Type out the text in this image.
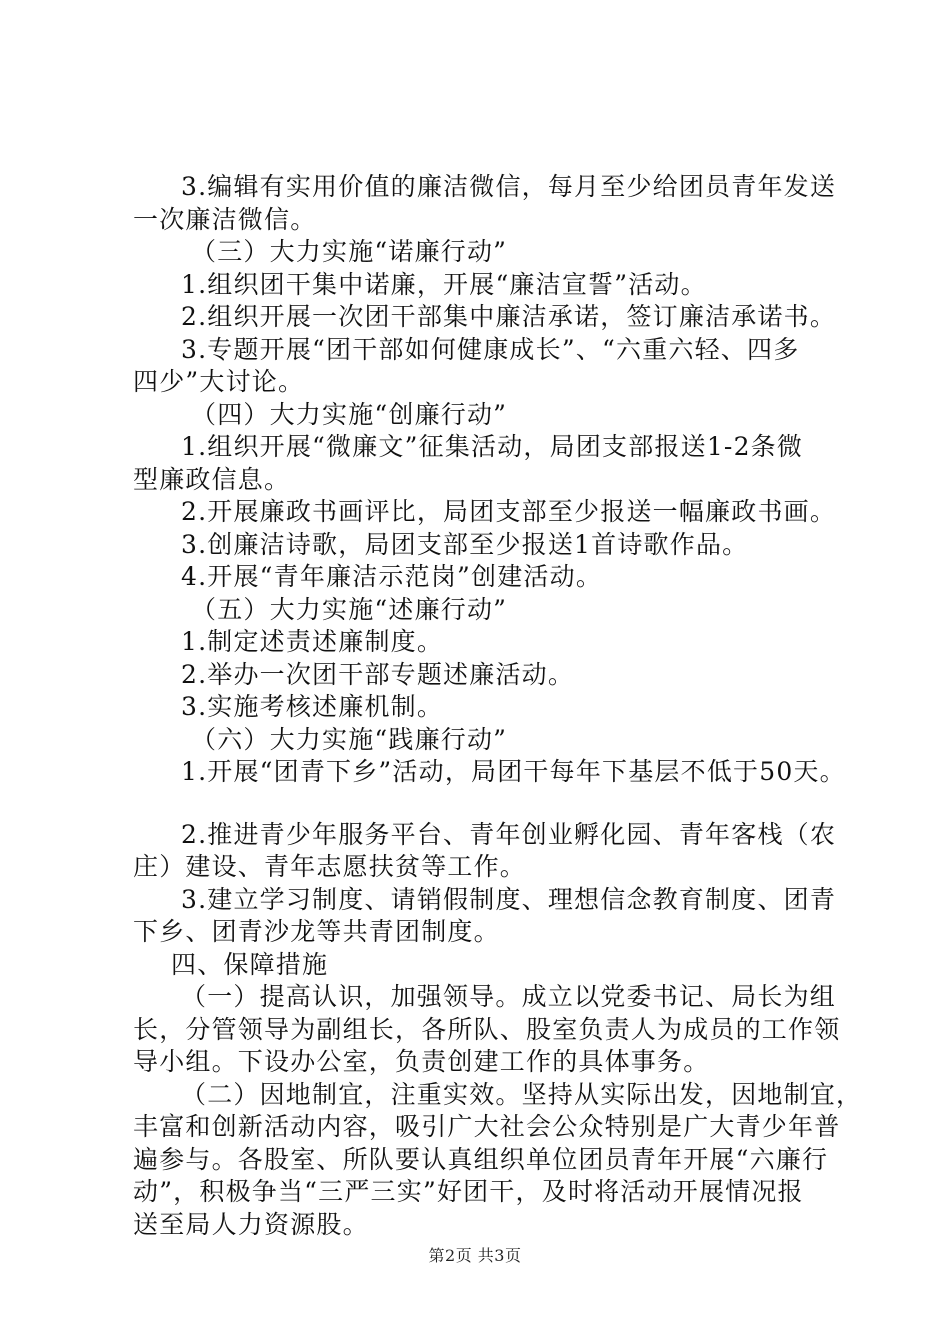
3.编辑有实用价值的廉洁微信，每月至少给团员青年发送
一次廉洁微信。
（三）大力实施“诺廉行动”
1.组织团干集中诺廉，开展“廉洁宣誓”活动。
2.组织开展一次团干部集中廉洁承诺，签订廉洁承诺书。
3.专题开展“团干部如何健康成长”、“六重六轻、四多
四少”大讨论。
（四）大力实施“创廉行动”
1.组织开展“微廉文”征集活动，局团支部报送1-2条微
型廉政信息。
2.开展廉政书画评比，局团支部至少报送一幅廉政书画。
3.创廉洁诗歌，局团支部至少报送1首诗歌作品。
4.开展“青年廉洁示范岗”创建活动。
（五）大力实施“述廉行动”
1.制定述责述廉制度。
2.举办一次团干部专题述廉活动。
3.实施考核述廉机制。
（六）大力实施“践廉行动”
1.开展“团青下乡”活动，局团干每年下基层不低于50天。
2.推进青少年服务平台、青年创业孵化园、青年客栈（农
庄）建设、青年志愿扶贫等工作。
3.建立学习制度、请销假制度、理想信念教育制度、团青
下乡、团青沙龙等共青团制度。
四、保障措施
（一）提高认识，加强领导。成立以党委书记、局长为组
长，分管领导为副组长，各所队、股室负责人为成员的工作领
导小组。下设办公室，负责创建工作的具体事务。
（二）因地制宜，注重实效。坚持从实际出发，因地制宜，
丰富和创新活动内容，吸引广大社会公众特别是广大青少年普
遍参与。各股室、所队要认真组织单位团员青年开展“六廉行
动”，积极争当“三严三实”好团干，及时将活动开展情况报
送至局人力资源股。
第2页 共3页
